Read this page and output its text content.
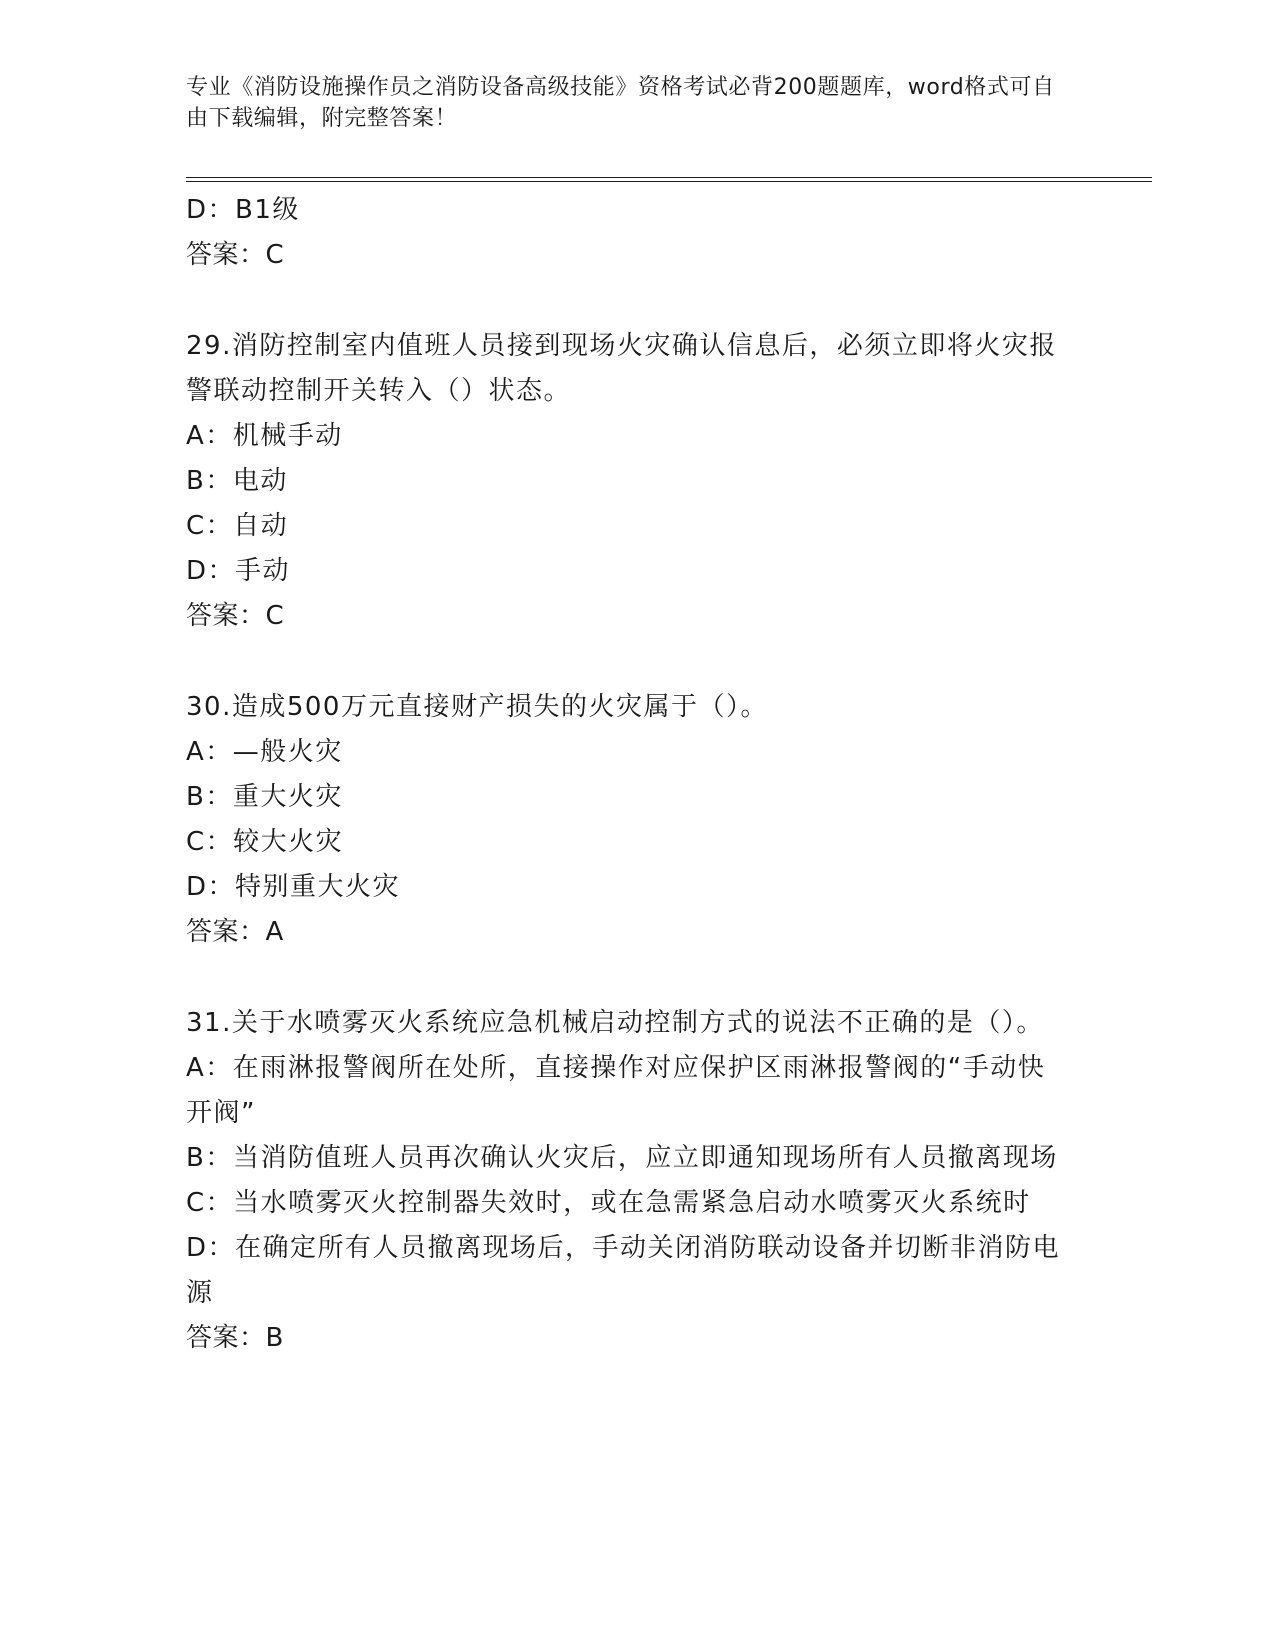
专业《消防设施操作员之消防设备高级技能》资格考试必背200题题库，word格式可自由下载编辑，附完整答案！
D：B1级
答案：C
29.消防控制室内值班人员接到现场火灾确认信息后，必须立即将火灾报警联动控制开关转入（）状态。
A：机械手动
B：电动
C：自动
D：手动
答案：C
30.造成500万元直接财产损失的火灾属于（）。
A：—般火灾
B：重大火灾
C：较大火灾
D：特别重大火灾
答案：A
31.关于水喷雾灭火系统应急机械启动控制方式的说法不正确的是（）。
A：在雨淋报警阀所在处所，直接操作对应保护区雨淋报警阀的“手动快开阀”
B：当消防值班人员再次确认火灾后，应立即通知现场所有人员撤离现场
C：当水喷雾灭火控制器失效时，或在急需紧急启动水喷雾灭火系统时
D：在确定所有人员撤离现场后，手动关闭消防联动设备并切断非消防电源
答案：B
